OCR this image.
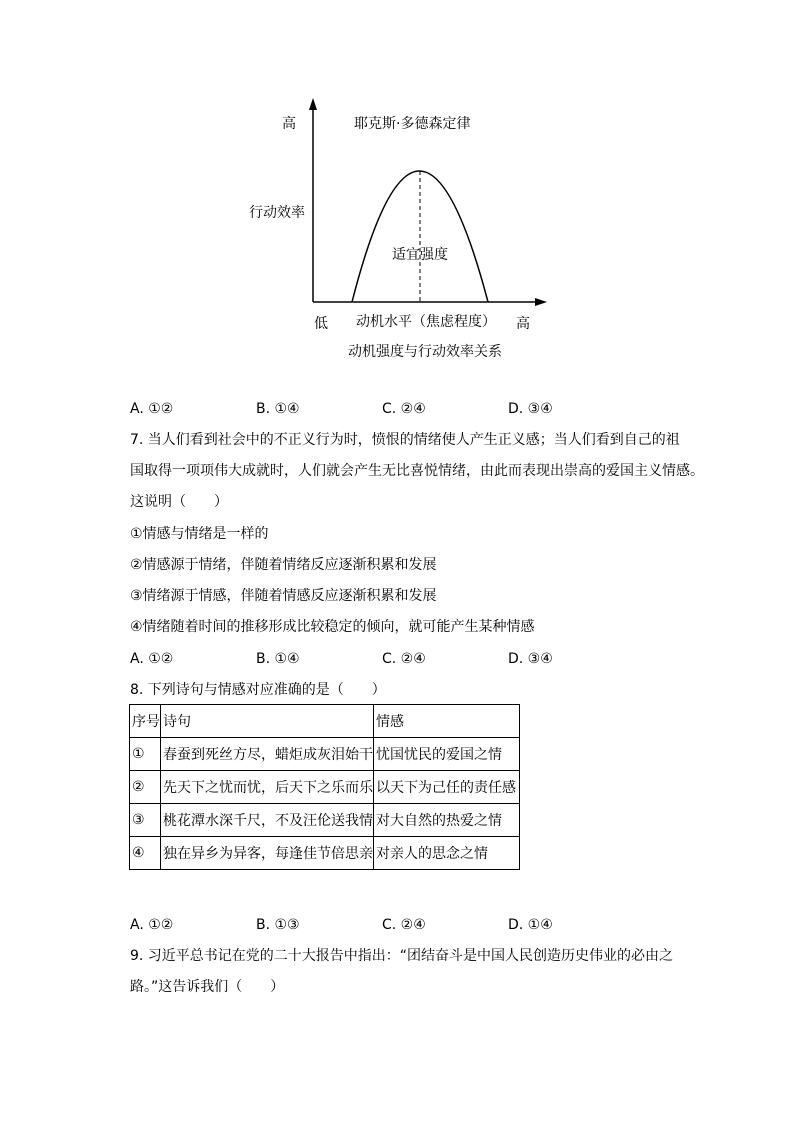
耶克斯·多德森定律
高
行动效率
适宜强度
低 动机水平（焦虑程度） 高
动机强度与行动效率关系
A. ①②	B. ①④	C. ②④	D. ③④
7. 当人们看到社会中的不正义行为时，愤恨的情绪使人产生正义感；当人们看到自己的祖
国取得一项项伟大成就时，人们就会产生无比喜悦情绪，由此而表现出崇高的爱国主义情感。
这说明（　　）
①情感与情绪是一样的
②情感源于情绪，伴随着情绪反应逐渐积累和发展
③情绪源于情感，伴随着情感反应逐渐积累和发展
④情绪随着时间的推移形成比较稳定的倾向，就可能产生某种情感
A. ①②	B. ①④	C. ②④	D. ③④
8. 下列诗句与情感对应准确的是（　　）
序号	诗句	情感
①	春蚕到死丝方尽，蜡炬成灰泪始干	忧国忧民的爱国之情
②	先天下之忧而忧，后天下之乐而乐	以天下为己任的责任感
③	桃花潭水深千尺，不及汪伦送我情	对大自然的热爱之情
④	独在异乡为异客，每逢佳节倍思亲	对亲人的思念之情
A. ①②	B. ①③	C. ②④	D. ①④
9. 习近平总书记在党的二十大报告中指出：“团结奋斗是中国人民创造历史伟业的必由之
路。”这告诉我们（　　）
